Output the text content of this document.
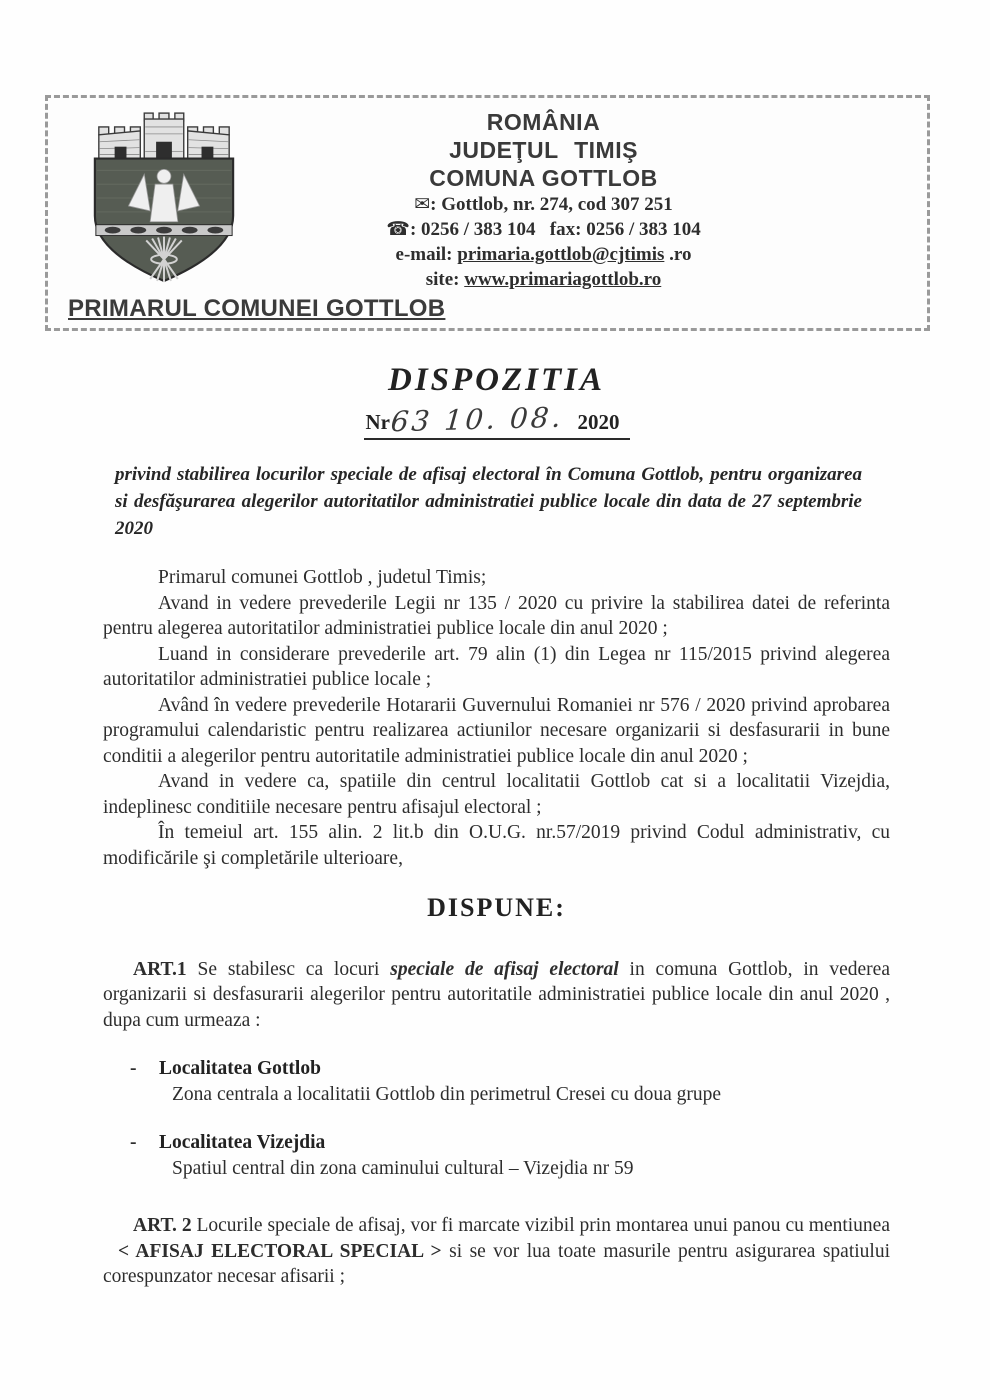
ROMÂNIA
JUDEŢUL TIMIŞ
COMUNA GOTTLOB
✉: Gottlob, nr. 274, cod 307 251
☎: 0256 / 383 104   fax: 0256 / 383 104
e-mail: primaria.gottlob@cjtimis .ro
site: www.primariagottlob.ro
PRIMARUL COMUNEI GOTTLOB
DISPOZITIA
Nr63 10. 08. 2020

privind stabilirea locurilor speciale de afisaj electoral în Comuna Gottlob, pentru organizarea si desfăşurarea alegerilor autoritatilor administratiei publice locale din data de 27 septembrie 2020

Primarul comunei Gottlob , judetul Timis;

Avand in vedere prevederile Legii nr 135 / 2020 cu privire la stabilirea datei de referinta pentru alegerea autoritatilor administratiei publice locale din anul 2020 ;

Luand in considerare prevederile art. 79 alin (1) din Legea nr 115/2015 privind alegerea autoritatilor administratiei publice locale ;

Având în vedere prevederile Hotararii Guvernului Romaniei nr 576 / 2020 privind aprobarea programului calendaristic pentru realizarea actiunilor necesare organizarii si desfasurarii in bune conditii a alegerilor pentru autoritatile administratiei publice locale din anul 2020 ;

Avand in vedere ca, spatiile din centrul localitatii Gottlob cat si a localitatii Vizejdia, indeplinesc conditiile necesare pentru afisajul electoral ;

În temeiul art. 155 alin. 2 lit.b din O.U.G. nr.57/2019 privind Codul administrativ, cu modificările şi completările ulterioare,

DISPUNE:

ART.1 Se stabilesc ca locuri speciale de afisaj electoral in comuna Gottlob, in vederea organizarii si desfasurarii alegerilor pentru autoritatile administratiei publice locale din anul 2020 , dupa cum urmeaza :

-	Localitatea Gottlob
Zona centrala a localitatii Gottlob din perimetrul Cresei cu doua grupe
-	Localitatea Vizejdia
Spatiul central din zona caminului cultural – Vizejdia nr 59

ART. 2 Locurile speciale de afisaj, vor fi marcate vizibil prin montarea unui panou cu mentiunea   < AFISAJ ELECTORAL SPECIAL > si se vor lua toate masurile pentru asigurarea spatiului corespunzator necesar afisarii ;
